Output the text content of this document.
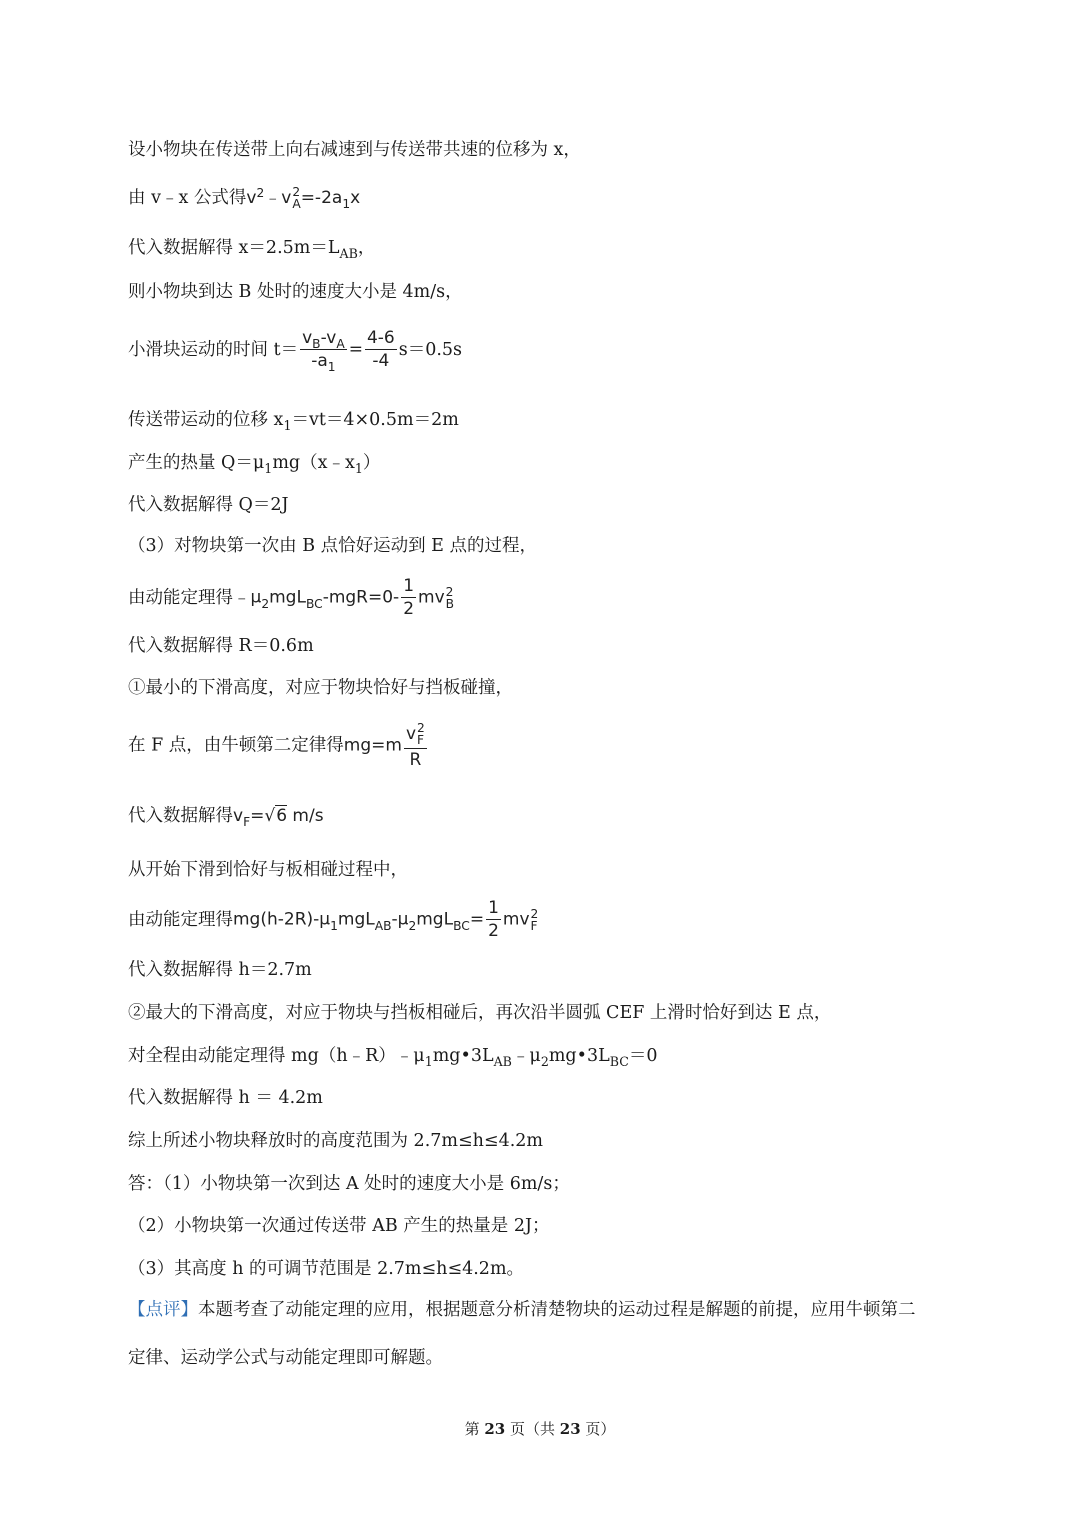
设小物块在传送带上向右减速到与传送带共速的位移为 x，
由 v﹣x 公式得$v^2﹣v$ 2
$A =-2a_1x$
代入数据解得 $x=2.5m=L_{AB}$，
则小物块到达 B 处时的速度大小是 4m/s，
小滑块运动的时间 $t= \frac{v_B-v_A}{-a_1} = \frac{4-6}{-4} s=0.5s$
传送带运动的位移 $x_1=vt=4\times 0.5m=2m$
产生的热量 $Q=\mu_1mg(x﹣x_1)$
代入数据解得 Q＝2J
（3）对物块第一次由 B 点恰好运动到 E 点的过程，
由动能定理得$﹣\mu_2mgL_{BC}-mgR=0- \frac{1}{2}$ mv 2
B
代入数据解得 R＝0.6m
①最小的下滑高度，对应于物块恰好与挡板碰撞，
在 F 点，由牛顿第二定律得mg=m v 2
F
R
代入数据解得$v_F=√6$ m/s
从开始下滑到恰好与板相碰过程中，
由动能定理得$mg(h-2R)-\mu_1mgL_{AB}-\mu_2mgL_{BC}= \frac{1}{2}$ mv 2
F
代入数据解得 h＝2.7m
②最大的下滑高度，对应于物块与挡板相碰后，再次沿半圆弧 CEF 上滑时恰好到达 E 点，
对全程由动能定理得 $mg(h﹣R)﹣\mu_1mg•3L_{AB}﹣\mu_2mg•3L_{BC}=0$
代入数据解得 h ＝ 4.2m
综上所述小物块释放时的高度范围为 2.7m≤h≤4.2m
答：（1）小物块第一次到达 A 处时的速度大小是 6m/s；
（2）小物块第一次通过传送带 AB 产生的热量是 2J；
（3）其高度 h 的可调节范围是 2.7m≤h≤4.2m。
【点评】本题考查了动能定理的应用，根据题意分析清楚物块的运动过程是解题的前提，应用牛顿第二
定律、运动学公式与动能定理即可解题。
第 23 页（共 23 页）
